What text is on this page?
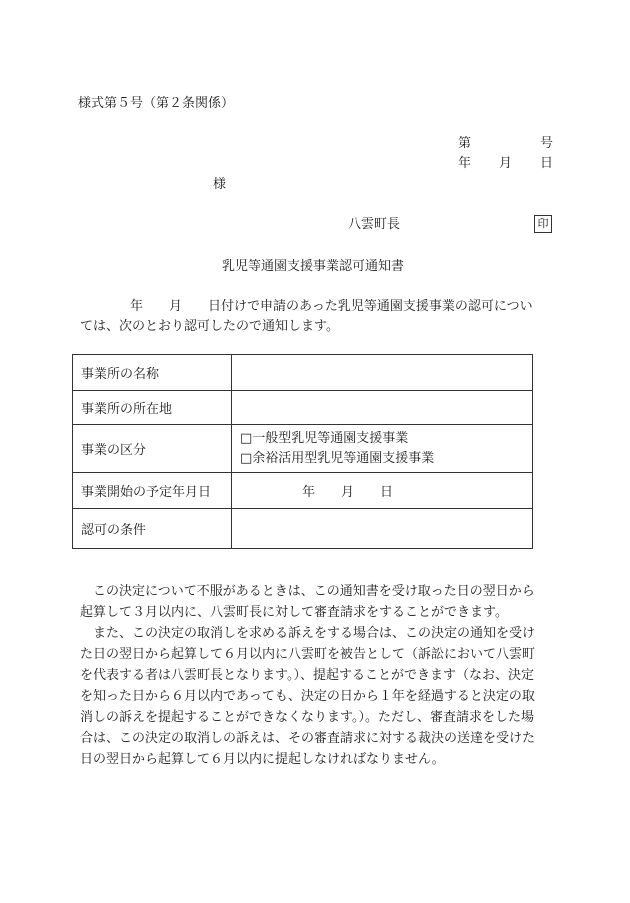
様式第５号（第２条関係）
第	号
年 月 日
様
八雲町長	印
乳児等通園支援事業認可通知書
年 月 日付けで申請のあった乳児等通園支援事業の認可につい
ては、次のとおり認可したので通知します。
事業所の名称	
事業所の所在地	
事業の区分	□一般型乳児等通園支援事業
□余裕活用型乳児等通園支援事業

事業開始の予定年月日	年 月 日
認可の条件	
　この決定について不服があるときは、この通知書を受け取った日の翌日から
起算して３月以内に、八雲町長に対して審査請求をすることができます。
　また、この決定の取消しを求める訴えをする場合は、この決定の通知を受け
た日の翌日から起算して６月以内に八雲町を被告として（訴訟において八雲町
を代表する者は八雲町長となります。）、提起することができます（なお、決定
を知った日から６月以内であっても、決定の日から１年を経過すると決定の取
消しの訴えを提起することができなくなります。）。ただし、審査請求をした場
合は、この決定の取消しの訴えは、その審査請求に対する裁決の送達を受けた
日の翌日から起算して６月以内に提起しなければなりません。
